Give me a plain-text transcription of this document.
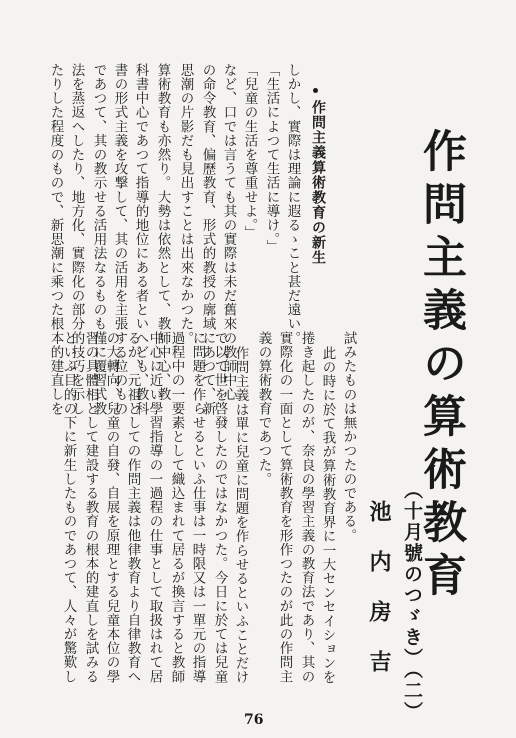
作問主義の算術教育
（十月號のつゞき）（二）
池内房吉
試みたものは無かつたのである。
此の時に於て我が算術教育界に一大センセイションを
捲き起したのが、奈良の學習主義の教育法であり、其の
實際化の一面として算術教育を形作つたのが此の作問主
義の算術教育であつた。
作問主義は單に兒童に問題を作らせるといふことだけ
で以て世を啓發したのではなかつた。今日に於ては兒童
に問題を作らせるといふ仕事は一時限又は一單元の指導
過程中の一要素として織込まれて居るが換言すると教師
中心に近い學習指導の一過程の仕事として取扱はれて居
るが、元祖としての作問主義は他律教育より自律教育へ
の大轉向、兒童の自發、自展を原理とする兒童本位の學
習の具體相として建設する教育の根本的建直しを試みる
といふ目的の下に新生したものであつて、人々が驚歎し
作問主義算術教育の新生
しかし、實際は理論に遐るゝこと甚だ遠い。
「生活によつて生活に導け。」
「兒童の生活を尊重せよ。」
など、口では言うても其の實際は未だ舊來の教師中心
の命令教育、偏歷教育、形式的教授の廓域にあつて、新
思潮の片影だも見出すことは出來なかつた。
算術教育も亦然り。大勢は依然として、教師中心、教
科書中心であつて指導的地位にある者といへども、教科
書の形式主義を攻撃して、其の活用を主張する位のもの
であつて、其の教示せる活用法なるものも僅に覆習式教
法を蒸返へしたり、地方化、實際化の部分的技巧を示し
たりした程度のもので、新思潮に乘つた根本的建直しを
76
